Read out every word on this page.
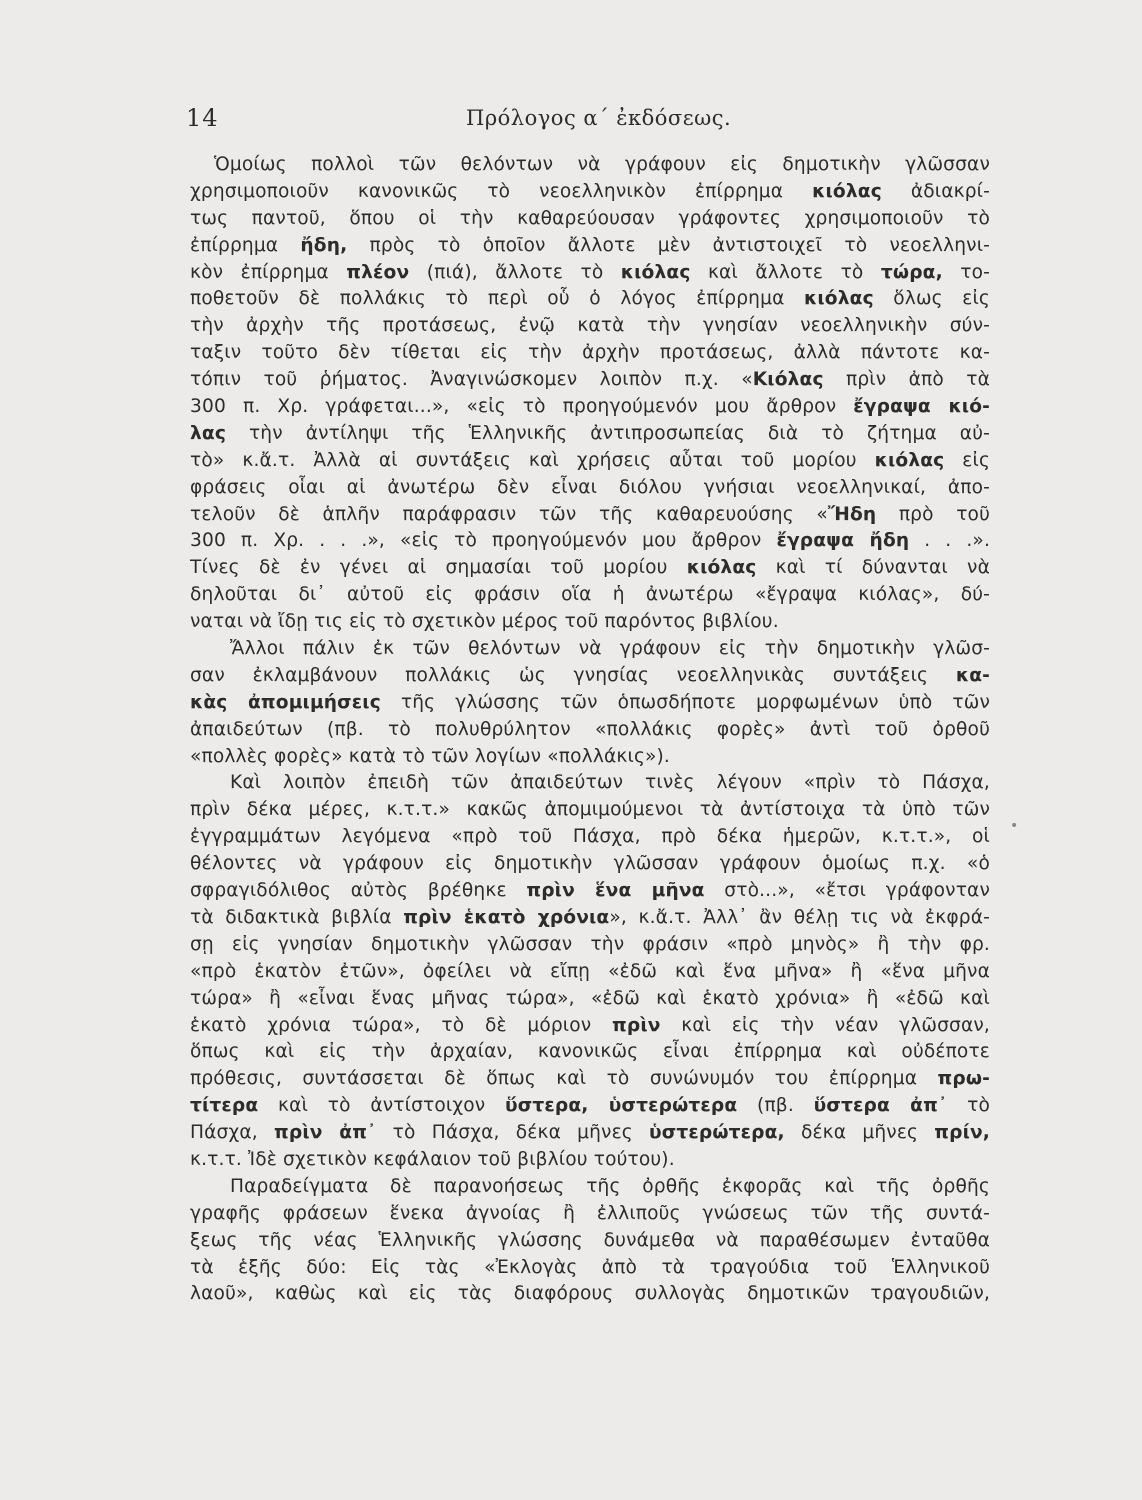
14	Πρόλογος α΄ ἐκδόσεως.
Ὁμοίως πολλοὶ τῶν θελόντων νὰ γράφουν εἰς δημοτικὴν γλῶσσαν
χρησιμοποιοῦν κανονικῶς τὸ νεοελληνικὸν ἐπίρρημα κιόλας ἀδιακρί-
τως παντοῦ, ὅπου οἱ τὴν καθαρεύουσαν γράφοντες χρησιμοποιοῦν τὸ
ἐπίρρημα ἤδη, πρὸς τὸ ὁποῖον ἄλλοτε μὲν ἀντιστοιχεῖ τὸ νεοελληνι-
κὸν ἐπίρρημα πλέον (πιά), ἄλλοτε τὸ κιόλας καὶ ἄλλοτε τὸ τώρα, το-
ποθετοῦν δὲ πολλάκις τὸ περὶ οὗ ὁ λόγος ἐπίρρημα κιόλας ὅλως εἰς
τὴν ἀρχὴν τῆς προτάσεως, ἐνῷ κατὰ τὴν γνησίαν νεοελληνικὴν σύν-
ταξιν τοῦτο δὲν τίθεται εἰς τὴν ἀρχὴν προτάσεως, ἀλλὰ πάντοτε κα-
τόπιν τοῦ ῥήματος. Ἀναγινώσκομεν λοιπὸν π.χ. «Κιόλας πρὶν ἀπὸ τὰ
300 π. Χρ. γράφεται...», «εἰς τὸ προηγούμενόν μου ἄρθρον ἔγραψα κιό-
λας τὴν ἀντίληψι τῆς Ἑλληνικῆς ἀντιπροσωπείας διὰ τὸ ζήτημα αὐ-
τὸ» κ.ἄ.τ. Ἀλλὰ αἱ συντάξεις καὶ χρήσεις αὗται τοῦ μορίου κιόλας εἰς
φράσεις οἷαι αἱ ἀνωτέρω δὲν εἶναι διόλου γνήσιαι νεοελληνικαί, ἀπο-
τελοῦν δὲ ἁπλῆν παράφρασιν τῶν τῆς καθαρευούσης «Ἤδη πρὸ τοῦ
300 π. Χρ. . . .», «εἰς τὸ προηγούμενόν μου ἄρθρον ἔγραψα ἤδη . . .».
Τίνες δὲ ἐν γένει αἱ σημασίαι τοῦ μορίου κιόλας καὶ τί δύνανται νὰ
δηλοῦται δι᾽ αὐτοῦ εἰς φράσιν οἵα ἡ ἀνωτέρω «ἔγραψα κιόλας», δύ-
ναται νὰ ἴδῃ τις εἰς τὸ σχετικὸν μέρος τοῦ παρόντος βιβλίου.
Ἄλλοι πάλιν ἐκ τῶν θελόντων νὰ γράφουν εἰς τὴν δημοτικὴν γλῶσ-
σαν ἐκλαμβάνουν πολλάκις ὡς γνησίας νεοελληνικὰς συντάξεις κα-
κὰς ἀπομιμήσεις τῆς γλώσσης τῶν ὁπωσδήποτε μορφωμένων ὑπὸ τῶν
ἀπαιδεύτων (πβ. τὸ πολυθρύλητον «πολλάκις φορὲς» ἀντὶ τοῦ ὀρθοῦ
«πολλὲς φορὲς» κατὰ τὸ τῶν λογίων «πολλάκις»).
Καὶ λοιπὸν ἐπειδὴ τῶν ἀπαιδεύτων τινὲς λέγουν «πρὶν τὸ Πάσχα,
πρὶν δέκα μέρες, κ.τ.τ.» κακῶς ἀπομιμούμενοι τὰ ἀντίστοιχα τὰ ὑπὸ τῶν
ἐγγραμμάτων λεγόμενα «πρὸ τοῦ Πάσχα, πρὸ δέκα ἡμερῶν, κ.τ.τ.», οἱ
θέλοντες νὰ γράφουν εἰς δημοτικὴν γλῶσσαν γράφουν ὁμοίως π.χ. «ὁ
σφραγιδόλιθος αὐτὸς βρέθηκε πρὶν ἕνα μῆνα στὸ...», «ἔτσι γράφονταν
τὰ διδακτικὰ βιβλία πρὶν ἑκατὸ χρόνια», κ.ἄ.τ. Ἀλλ᾽ ἂν θέλῃ τις νὰ ἐκφρά-
σῃ εἰς γνησίαν δημοτικὴν γλῶσσαν τὴν φράσιν «πρὸ μηνὸς» ἢ τὴν φρ.
«πρὸ ἑκατὸν ἐτῶν», ὀφείλει νὰ εἴπῃ «ἐδῶ καὶ ἕνα μῆνα» ἢ «ἕνα μῆνα
τώρα» ἢ «εἶναι ἕνας μῆνας τώρα», «ἐδῶ καὶ ἑκατὸ χρόνια» ἢ «ἐδῶ καὶ
ἑκατὸ χρόνια τώρα», τὸ δὲ μόριον πρὶν καὶ εἰς τὴν νέαν γλῶσσαν,
ὅπως καὶ εἰς τὴν ἀρχαίαν, κανονικῶς εἶναι ἐπίρρημα καὶ οὐδέποτε
πρόθεσις, συντάσσεται δὲ ὅπως καὶ τὸ συνώνυμόν του ἐπίρρημα πρω-
τίτερα καὶ τὸ ἀντίστοιχον ὕστερα, ὑστερώτερα (πβ. ὕστερα ἀπ᾽ τὸ
Πάσχα, πρὶν ἀπ᾽ τὸ Πάσχα, δέκα μῆνες ὑστερώτερα, δέκα μῆνες πρίν,
κ.τ.τ. Ἰδὲ σχετικὸν κεφάλαιον τοῦ βιβλίου τούτου).
Παραδείγματα δὲ παρανοήσεως τῆς ὀρθῆς ἐκφορᾶς καὶ τῆς ὀρθῆς
γραφῆς φράσεων ἕνεκα ἀγνοίας ἢ ἐλλιποῦς γνώσεως τῶν τῆς συντά-
ξεως τῆς νέας Ἑλληνικῆς γλώσσης δυνάμεθα νὰ παραθέσωμεν ἐνταῦθα
τὰ ἑξῆς δύο: Εἰς τὰς «Ἐκλογὰς ἀπὸ τὰ τραγούδια τοῦ Ἑλληνικοῦ
λαοῦ», καθὼς καὶ εἰς τὰς διαφόρους συλλογὰς δημοτικῶν τραγουδιῶν,
•
